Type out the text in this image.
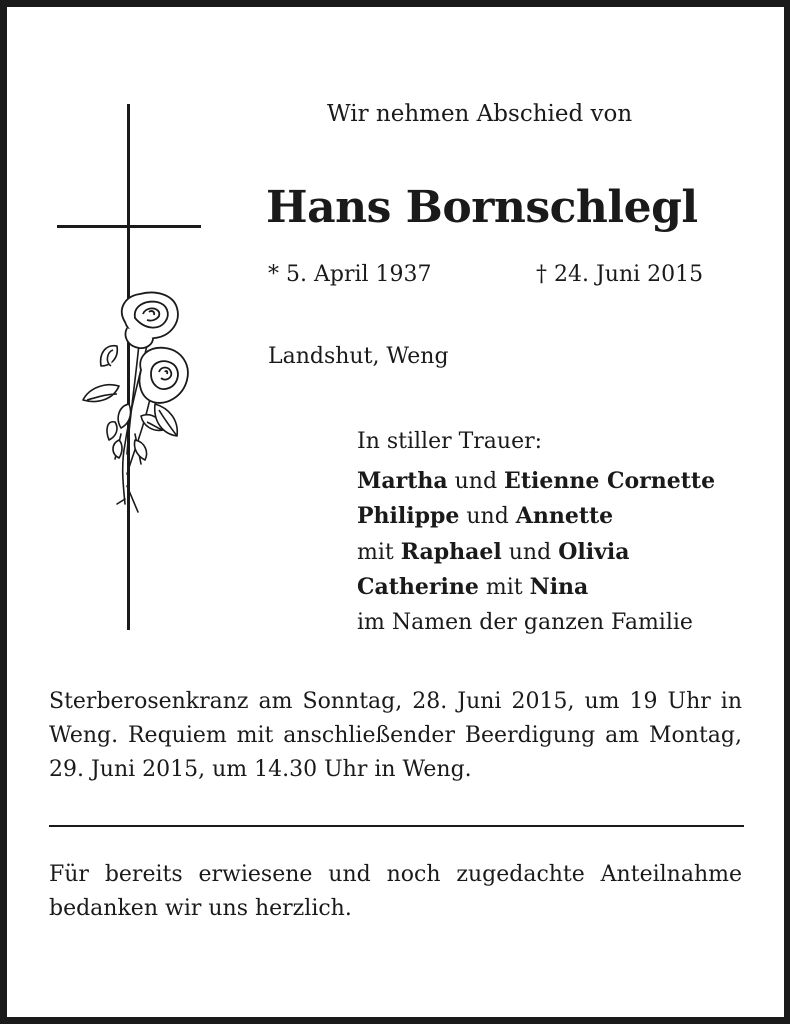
Wir nehmen Abschied von
Hans Bornschlegl
* 5. April 1937	† 24. Juni 2015
Landshut, Weng
In stiller Trauer:
Martha und Etienne Cornette
Philippe und Annette
mit Raphael und Olivia
Catherine mit Nina
im Namen der ganzen Familie
Sterberosenkranz am Sonntag, 28. Juni 2015, um 19 Uhr in Weng. Requiem mit anschließender Beerdigung am Montag, 29. Juni 2015, um 14.30 Uhr in Weng.
Für bereits erwiesene und noch zugedachte Anteilnahme bedanken wir uns herzlich.
